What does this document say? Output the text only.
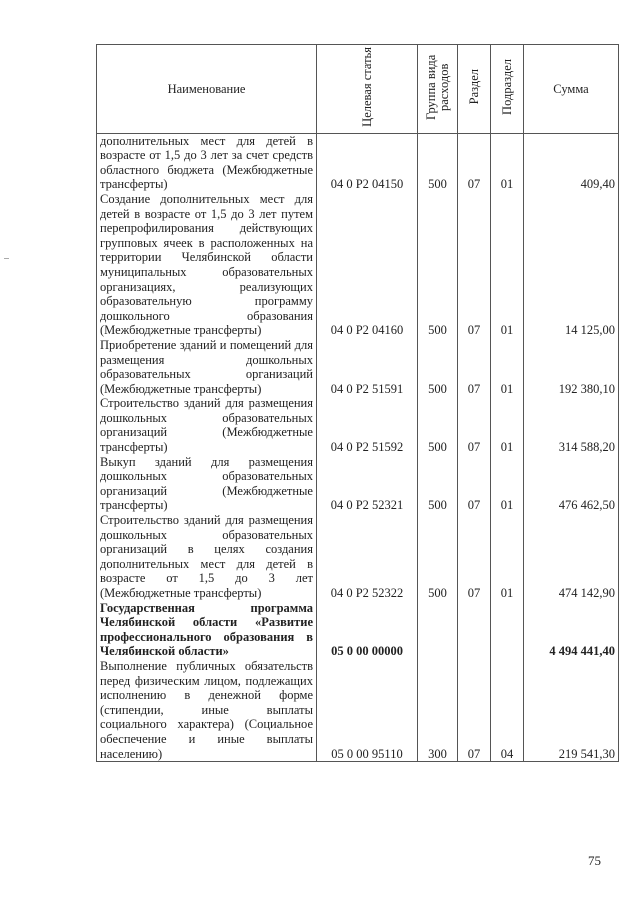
Наименование	Целевая статья	Группа вида расходов	Раздел	Подраздел	Сумма
дополнительных мест для детей в возрасте от 1,5 до 3 лет за счет средств областного бюджета (Межбюджетные трансферты)	04 0 P2 04150	500	07	01	409,40
Создание дополнительных мест для детей в возрасте от 1,5 до 3 лет путем перепрофилирования действующих групповых ячеек в расположенных на территории Челябинской области муниципальных образовательных организациях, реализующих образовательную программу дошкольного образования (Межбюджетные трансферты)	04 0 P2 04160	500	07	01	14 125,00
Приобретение зданий и помещений для размещения дошкольных образовательных организаций (Межбюджетные трансферты)	04 0 P2 51591	500	07	01	192 380,10
Строительство зданий для размещения дошкольных образовательных организаций (Межбюджетные трансферты)	04 0 P2 51592	500	07	01	314 588,20
Выкуп зданий для размещения дошкольных образовательных организаций (Межбюджетные трансферты)	04 0 P2 52321	500	07	01	476 462,50
Строительство зданий для размещения дошкольных образовательных организаций в целях создания дополнительных мест для детей в возрасте от 1,5 до 3 лет (Межбюджетные трансферты)	04 0 P2 52322	500	07	01	474 142,90
Государственная программа Челябинской области «Развитие профессионального образования в Челябинской области»	05 0 00 00000				4 494 441,40
Выполнение публичных обязательств перед физическим лицом, подлежащих исполнению в денежной форме (стипендии, иные выплаты социального характера) (Социальное обеспечение и иные выплаты населению)	05 0 00 95110	300	07	04	219 541,30
75
